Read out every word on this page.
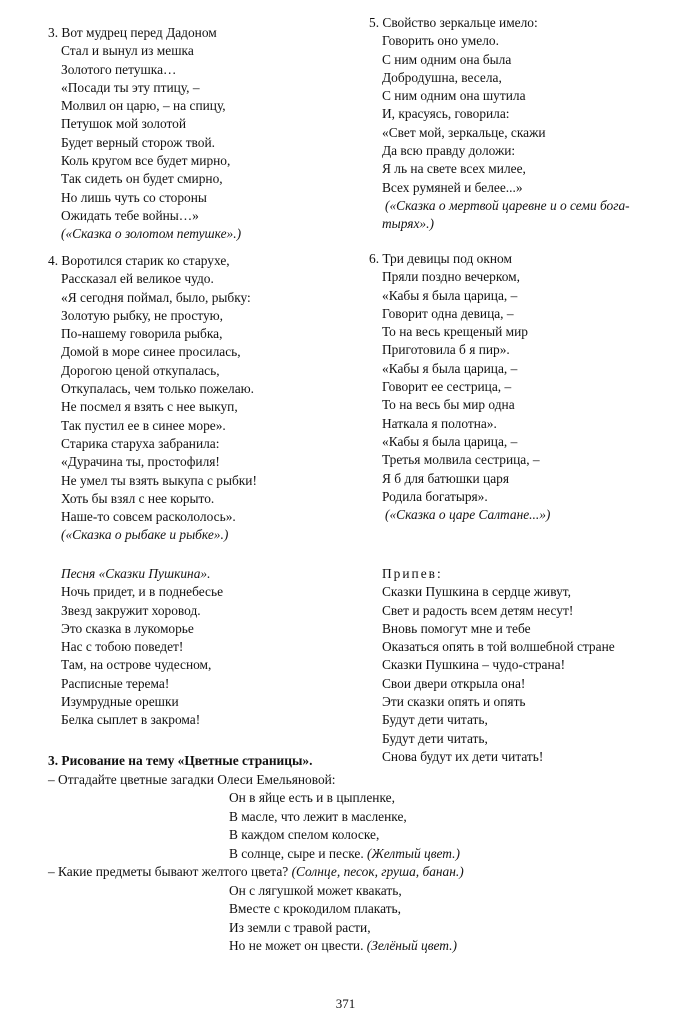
3. Вот мудрец перед Дадоном
Стал и вынул из мешка
Золотого петушка…
«Посади ты эту птицу, –
Молвил он царю, – на спицу,
Петушок мой золотой
Будет верный сторож твой.
Коль кругом все будет мирно,
Так сидеть он будет смирно,
Но лишь чуть со стороны
Ожидать тебе войны…»
(«Сказка о золотом петушке».)
4. Воротился старик ко старухе,
Рассказал ей великое чудо.
«Я сегодня поймал, было, рыбку:
Золотую рыбку, не простую,
По-нашему говорила рыбка,
Домой в море синее просилась,
Дорогою ценой откупалась,
Откупалась, чем только пожелаю.
Не посмел я взять с нее выкуп,
Так пустил ее в синее море».
Старика старуха забранила:
«Дурачина ты, простофиля!
Не умел ты взять выкупа с рыбки!
Хоть бы взял с нее корыто.
Наше-то совсем раскололось».
(«Сказка о рыбаке и рыбке».)
Песня «Сказки Пушкина».
Ночь придет, и в поднебесье
Звезд закружит хоровод.
Это сказка в лукоморье
Нас с тобою поведет!
Там, на острове чудесном,
Расписные терема!
Изумрудные орешки
Белка сыплет в закрома!
5. Свойство зеркальце имело:
Говорить оно умело.
С ним одним она была
Добродушна, весела,
С ним одним она шутила
И, красуясь, говорила:
«Свет мой, зеркальце, скажи
Да всю правду доложи:
Я ль на свете всех милее,
Всех румяней и белее...»
(«Сказка о мертвой царевне и о семи бога-
тырях».)
6. Три девицы под окном
Пряли поздно вечерком,
«Кабы я была царица, –
Говорит одна девица, –
То на весь крещеный мир
Приготовила б я пир».
«Кабы я была царица, –
Говорит ее сестрица, –
То на весь бы мир одна
Наткала я полотна».
«Кабы я была царица, –
Третья молвила сестрица, –
Я б для батюшки царя
Родила богатыря».
(«Сказка о царе Салтане...»)
Припев:
Сказки Пушкина в сердце живут,
Свет и радость всем детям несут!
Вновь помогут мне и тебе
Оказаться опять в той волшебной стране
Сказки Пушкина – чудо-страна!
Свои двери открыла она!
Эти сказки опять и опять
Будут дети читать,
Будут дети читать,
Снова будут их дети читать!
3. Рисование на тему «Цветные страницы».
– Отгадайте цветные загадки Олеси Емельяновой:
Он в яйце есть и в цыпленке,
В масле, что лежит в масленке,
В каждом спелом колоске,
В солнце, сыре и песке. (Желтый цвет.)
– Какие предметы бывают желтого цвета? (Солнце, песок, груша, банан.)
Он с лягушкой может квакать,
Вместе с крокодилом плакать,
Из земли с травой расти,
Но не может он цвести. (Зелёный цвет.)
371
